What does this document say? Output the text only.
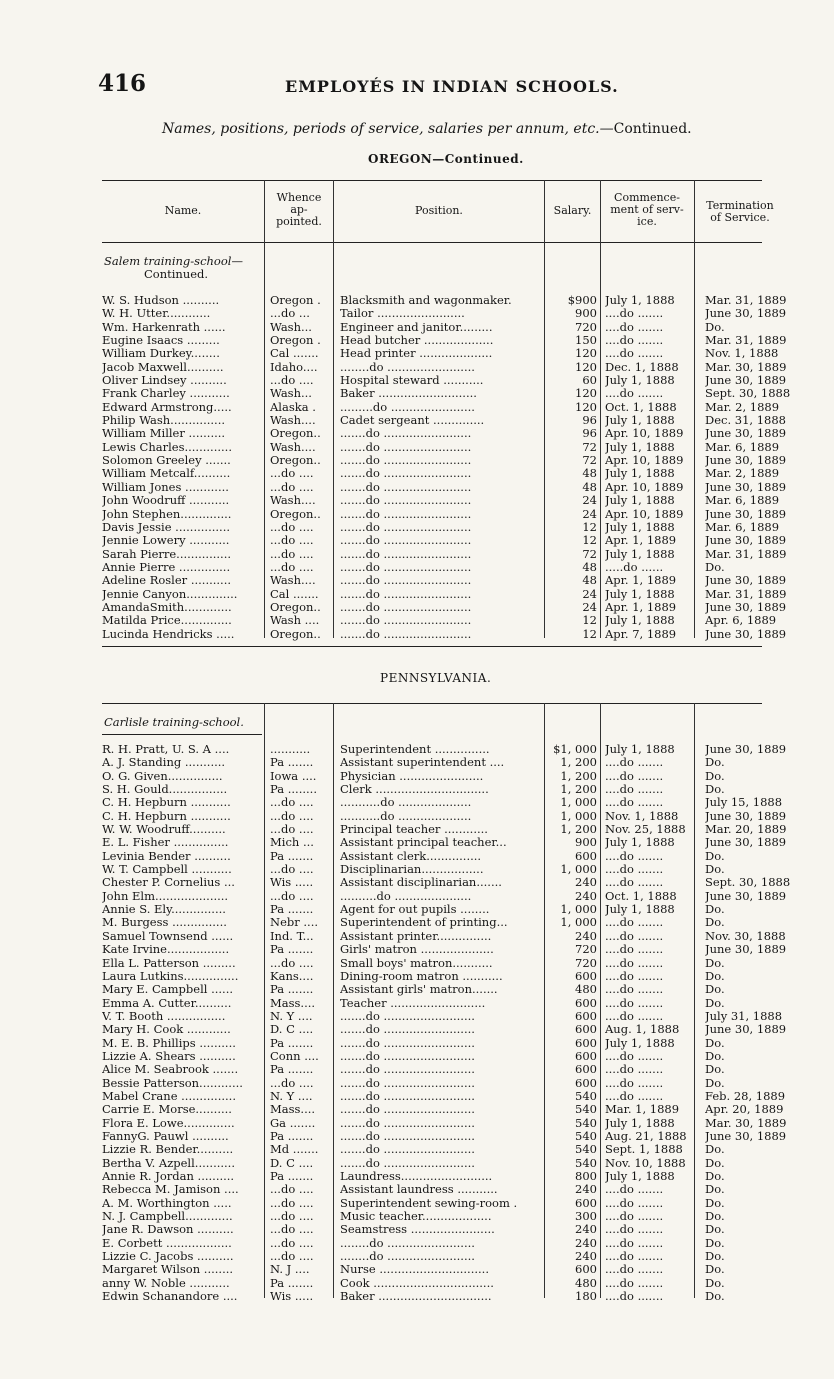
416	EMPLOYÉS IN INDIAN SCHOOLS.
Names, positions, periods of service, salaries per annum, etc.—Continued.
OREGON—Continued.
Name.
Whence
ap-
pointed.
Position.	Salary.
Commence-
ment of serv-
ice.
Termination
of Service.
Salem training-school—
Continued.
W. S. Hudson ..........	Oregon .	Blacksmith and wagonmaker.	$900 July 1, 1888	Mar. 31, 1889
W. H. Utter............	...do ...	Tailor ........................	900 ....do .......	June 30, 1889
Wm. Harkenrath ......	Wash...	Engineer and janitor.........	720 ....do .......	Do.
Eugine Isaacs .........	Oregon .	Head butcher ...................	150 ....do .......	Mar. 31, 1889
William Durkey........	Cal .......	Head printer ....................	120 ....do .......	Nov. 1, 1888
Jacob Maxwell..........	Idaho....	........do ........................	120 Dec. 1, 1888	Mar. 30, 1889
Oliver Lindsey ..........	...do ....	Hospital steward ...........	60 July 1, 1888	June 30, 1889
Frank Charley ...........	Wash...	Baker ...........................	120 ....do .......	Sept. 30, 1888
Edward Armstrong.....	Alaska .	.........do .......................	120 Oct. 1, 1888	Mar. 2, 1889
Philip Wash...............	Wash....	Cadet sergeant ..............	96 July 1, 1888	Dec. 31, 1888
William Miller ..........	Oregon..	.......do ........................	96 Apr. 10, 1889	June 30, 1889
Lewis Charles.............	Wash....	.......do ........................	72 July 1, 1888	Mar. 6, 1889
Solomon Greeley .......	Oregon..	.......do ........................	72 Apr. 10, 1889	June 30, 1889
William Metcalf..........	...do ....	.......do ........................	48 July 1, 1888	Mar. 2, 1889
William Jones ............	...do ....	.......do ........................	48 Apr. 10, 1889	June 30, 1889
John Woodruff ...........	Wash....	.......do ........................	24 July 1, 1888	Mar. 6, 1889
John Stephen..............	Oregon..	.......do ........................	24 Apr. 10, 1889	June 30, 1889
Davis Jessie ...............	...do ....	.......do ........................	12 July 1, 1888	Mar. 6, 1889
Jennie Lowery ...........	...do ....	.......do ........................	12 Apr. 1, 1889	June 30, 1889
Sarah Pierre...............	...do ....	.......do ........................	72 July 1, 1888	Mar. 31, 1889
Annie Pierre ..............	...do ....	.......do ........................	48 .....do ......	Do.
Adeline Rosler ...........	Wash....	.......do ........................	48 Apr. 1, 1889	June 30, 1889
Jennie Canyon..............	Cal .......	.......do ........................	24 July 1, 1888	Mar. 31, 1889
AmandaSmith.............	Oregon..	.......do ........................	24 Apr. 1, 1889	June 30, 1889
Matilda Price..............	Wash ....	.......do ........................	12 July 1, 1888	Apr. 6, 1889
Lucinda Hendricks .....	Oregon..	.......do ........................	12 Apr. 7, 1889	June 30, 1889
PENNSYLVANIA.
Carlisle training-school.
R. H. Pratt, U. S. A ....	...........	Superintendent ...............	$1, 000 July 1, 1888	June 30, 1889
A. J. Standing ...........	Pa .......	Assistant superintendent ....	1, 200 ....do .......	Do.
O. G. Given...............	Iowa ....	Physician .......................	1, 200 ....do .......	Do.
S. H. Gould................	Pa ........	Clerk ...............................	1, 200 ....do .......	Do.
C. H. Hepburn ...........	...do ....	...........do ....................	1, 000 ....do .......	July 15, 1888
C. H. Hepburn ...........	...do ....	...........do ....................	1, 000 Nov. 1, 1888	June 30, 1889
W. W. Woodruff..........	...do ....	Principal teacher ............	1, 200 Nov. 25, 1888	Mar. 20, 1889
E. L. Fisher ...............	Mich ...	Assistant principal teacher...	900 July 1, 1888	June 30, 1889
Levinia Bender ..........	Pa .......	Assistant clerk...............	600 ....do .......	Do.
W. T. Campbell ...........	...do ....	Disciplinarian.................	1, 000 ....do .......	Do.
Chester P. Cornelius ...	Wis .....	Assistant disciplinarian.......	240 ....do .......	Sept. 30, 1888
John Elm....................	...do ....	..........do .....................	240 Oct. 1, 1888	June 30, 1889
Annie S. Ely...............	Pa .......	Agent for out pupils ........	1, 000 July 1, 1888	Do.
M. Burgess ...............	Nebr ....	Superintendent of printing...	1, 000 ....do .......	Do.
Samuel Townsend ......	Ind. T...	Assistant printer...............	240 ....do .......	Nov. 30, 1888
Kate Irvine.................	Pa .......	Girls' matron ....................	720 ....do .......	June 30, 1889
Ella L. Patterson .........	...do ....	Small boys' matron...........	720 ....do .......	Do.
Laura Lutkins...............	Kans....	Dining-room matron ...........	600 ....do .......	Do.
Mary E. Campbell ......	Pa .......	Assistant girls' matron.......	480 ....do .......	Do.
Emma A. Cutter..........	Mass....	Teacher ..........................	600 ....do .......	Do.
V. T. Booth ................	N. Y ....	.......do .........................	600 ....do .......	July 31, 1888
Mary H. Cook ............	D. C ....	.......do .........................	600 Aug. 1, 1888	June 30, 1889
M. E. B. Phillips ..........	Pa .......	.......do .........................	600 July 1, 1888	Do.
Lizzie A. Shears ..........	Conn ....	.......do .........................	600 ....do .......	Do.
Alice M. Seabrook .......	Pa .......	.......do .........................	600 ....do .......	Do.
Bessie Patterson............	...do ....	.......do .........................	600 ....do .......	Do.
Mabel Crane ...............	N. Y ....	.......do .........................	540 ....do .......	Feb. 28, 1889
Carrie E. Morse..........	Mass....	.......do .........................	540 Mar. 1, 1889	Apr. 20, 1889
Flora E. Lowe..............	Ga .......	.......do .........................	540 July 1, 1888	Mar. 30, 1889
FannyG. Pauwl ..........	Pa .......	.......do .........................	540 Aug. 21, 1888	June 30, 1889
Lizzie R. Bender..........	Md .......	.......do .........................	540 Sept. 1, 1888	Do.
Bertha V. Azpell...........	D. C ....	.......do .........................	540 Nov. 10, 1888	Do.
Annie R. Jordan ..........	Pa .......	Laundress.........................	800 July 1, 1888	Do.
Rebecca M. Jamison ....	...do ....	Assistant laundress ...........	240 ....do .......	Do.
A. M. Worthington .....	...do ....	Superintendent sewing-room .	600 ....do .......	Do.
N. J. Campbell.............	...do ....	Music teacher...................	300 ....do .......	Do.
Jane R. Dawson ..........	...do ....	Seamstress .......................	240 ....do .......	Do.
E. Corbett ..................	...do ....	........do ........................	240 ....do .......	Do.
Lizzie C. Jacobs ..........	...do ....	........do ........................	240 ....do .......	Do.
Margaret Wilson ........	N. J ....	Nurse ..............................	600 ....do .......	Do.
anny W. Noble ...........	Pa .......	Cook .................................	480 ....do .......	Do.
Edwin Schanandore ....	Wis .....	Baker ...............................	180 ....do .......	Do.
